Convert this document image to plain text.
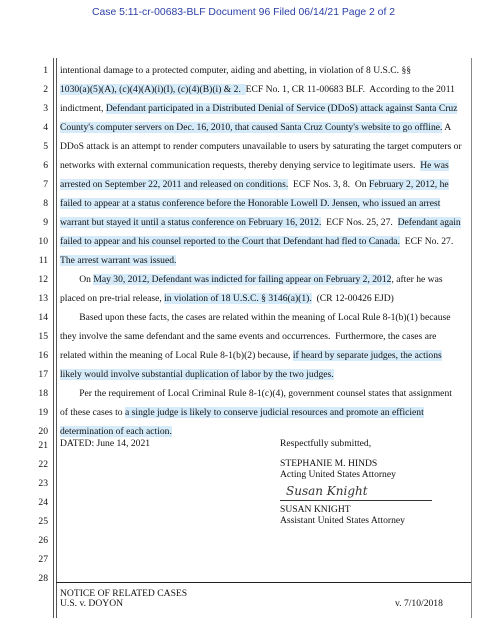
Case 5:11-cr-00683-BLF Document 96 Filed 06/14/21 Page 2 of 2
1
2
3
4
5
6
7
8
9
10
11
12
13
14
15
16
17
18
19
20
21
22
23
24
25
26
27
28
intentional damage to a protected computer, aiding and abetting, in violation of 8 U.S.C. §§
1030(a)(5)(A), (c)(4)(A)(i)(I), (c)(4)(B)(i) & 2.  ECF No. 1, CR 11-00683 BLF.  According to the 2011
indictment, Defendant participated in a Distributed Denial of Service (DDoS) attack against Santa Cruz
County's computer servers on Dec. 16, 2010, that caused Santa Cruz County's website to go offline. A
DDoS attack is an attempt to render computers unavailable to users by saturating the target computers or
networks with external communication requests, thereby denying service to legitimate users.  He was
arrested on September 22, 2011 and released on conditions.  ECF Nos. 3, 8.  On February 2, 2012, he
failed to appear at a status conference before the Honorable Lowell D. Jensen, who issued an arrest
warrant but stayed it until a status conference on February 16, 2012.  ECF Nos. 25, 27.  Defendant again
failed to appear and his counsel reported to the Court that Defendant had fled to Canada.  ECF No. 27.
The arrest warrant was issued.
On May 30, 2012, Defendant was indicted for failing appear on February 2, 2012, after he was
placed on pre-trial release, in violation of 18 U.S.C. § 3146(a)(1).  (CR 12-00426 EJD)
Based upon these facts, the cases are related within the meaning of Local Rule 8-1(b)(1) because
they involve the same defendant and the same events and occurrences.  Furthermore, the cases are
related within the meaning of Local Rule 8-1(b)(2) because, if heard by separate judges, the actions
likely would involve substantial duplication of labor by the two judges.
Per the requirement of Local Criminal Rule 8-1(c)(4), government counsel states that assignment
of these cases to a single judge is likely to conserve judicial resources and promote an efficient
determination of each action.
DATED: June 14, 2021	Respectfully submitted,
STEPHANIE M. HINDS
Acting United States Attorney
Susan Knight
SUSAN KNIGHT
Assistant United States Attorney
NOTICE OF RELATED CASES
U.S. v. DOYON	v. 7/10/2018
